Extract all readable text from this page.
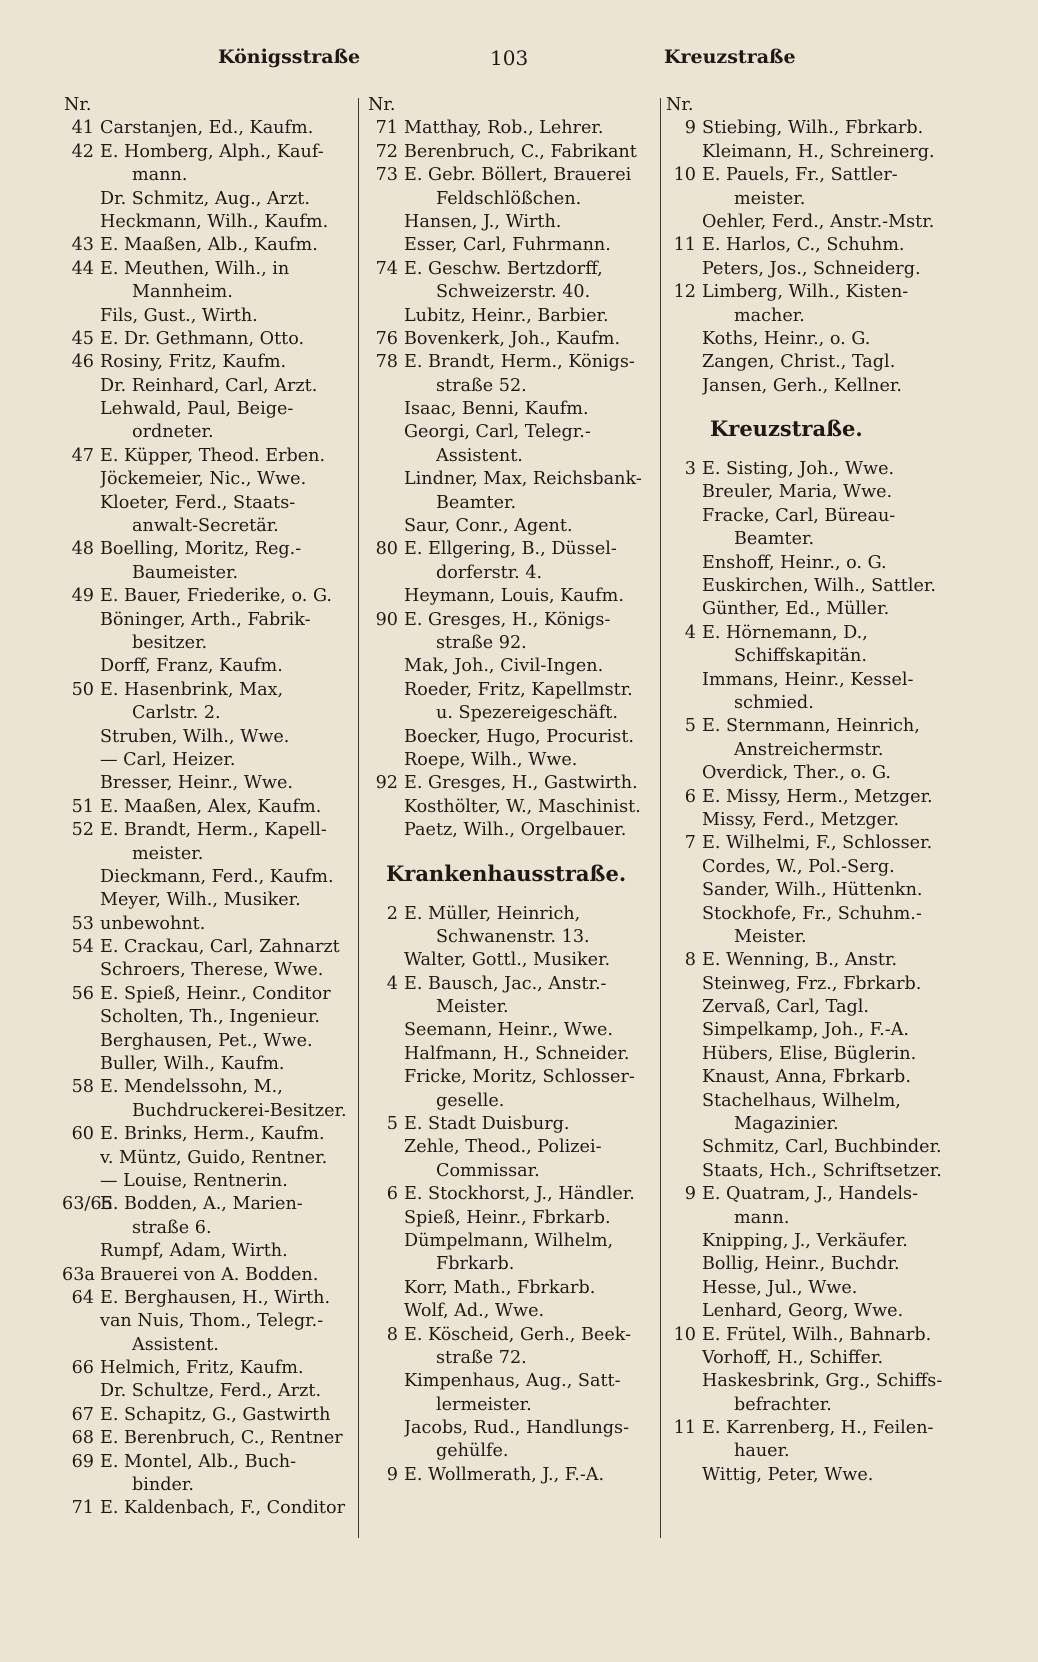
Königsstraße	103	Kreuzstraße
Nr.
41 Carstanjen, Ed., Kaufm.
42 E. Homberg, Alph., Kauf-
mann.
Dr. Schmitz, Aug., Arzt.
Heckmann, Wilh., Kaufm.
43 E. Maaßen, Alb., Kaufm.
44 E. Meuthen, Wilh., in
Mannheim.
Fils, Gust., Wirth.
45 E. Dr. Gethmann, Otto.
46 Rosiny, Fritz, Kaufm.
Dr. Reinhard, Carl, Arzt.
Lehwald, Paul, Beige-
ordneter.
47 E. Küpper, Theod. Erben.
Jöckemeier, Nic., Wwe.
Kloeter, Ferd., Staats-
anwalt-Secretär.
48 Boelling, Moritz, Reg.-
Baumeister.
49 E. Bauer, Friederike, o. G.
Böninger, Arth., Fabrik-
besitzer.
Dorff, Franz, Kaufm.
50 E. Hasenbrink, Max,
Carlstr. 2.
Struben, Wilh., Wwe.
— Carl, Heizer.
Bresser, Heinr., Wwe.
51 E. Maaßen, Alex, Kaufm.
52 E. Brandt, Herm., Kapell-
meister.
Dieckmann, Ferd., Kaufm.
Meyer, Wilh., Musiker.
53 unbewohnt.
54 E. Crackau, Carl, Zahnarzt
Schroers, Therese, Wwe.
56 E. Spieß, Heinr., Conditor
Scholten, Th., Ingenieur.
Berghausen, Pet., Wwe.
Buller, Wilh., Kaufm.
58 E. Mendelssohn, M.,
Buchdruckerei-Besitzer.
60 E. Brinks, Herm., Kaufm.
v. Müntz, Guido, Rentner.
— Louise, Rentnerin.
63/65
E. Bodden, A., Marien-
straße 6.
Rumpf, Adam, Wirth.
63a Brauerei von A. Bodden.
64 E. Berghausen, H., Wirth.
van Nuis, Thom., Telegr.-
Assistent.
66 Helmich, Fritz, Kaufm.
Dr. Schultze, Ferd., Arzt.
67 E. Schapitz, G., Gastwirth
68 E. Berenbruch, C., Rentner
69 E. Montel, Alb., Buch-
binder.
71 E. Kaldenbach, F., Conditor
Nr.
71 Matthay, Rob., Lehrer.
72 Berenbruch, C., Fabrikant
73 E. Gebr. Böllert, Brauerei
Feldschlößchen.
Hansen, J., Wirth.
Esser, Carl, Fuhrmann.
74 E. Geschw. Bertzdorff,
Schweizerstr. 40.
Lubitz, Heinr., Barbier.
76 Bovenkerk, Joh., Kaufm.
78 E. Brandt, Herm., Königs-
straße 52.
Isaac, Benni, Kaufm.
Georgi, Carl, Telegr.-
Assistent.
Lindner, Max, Reichsbank-
Beamter.
Saur, Conr., Agent.
80 E. Ellgering, B., Düssel-
dorferstr. 4.
Heymann, Louis, Kaufm.
90 E. Gresges, H., Königs-
straße 92.
Mak, Joh., Civil-Ingen.
Roeder, Fritz, Kapellmstr.
u. Spezereigeschäft.
Boecker, Hugo, Procurist.
Roepe, Wilh., Wwe.
92 E. Gresges, H., Gastwirth.
Kosthölter, W., Maschinist.
Paetz, Wilh., Orgelbauer.
Krankenhausstraße.
2 E. Müller, Heinrich,
Schwanenstr. 13.
Walter, Gottl., Musiker.
4 E. Bausch, Jac., Anstr.-
Meister.
Seemann, Heinr., Wwe.
Halfmann, H., Schneider.
Fricke, Moritz, Schlosser-
geselle.
5 E. Stadt Duisburg.
Zehle, Theod., Polizei-
Commissar.
6 E. Stockhorst, J., Händler.
Spieß, Heinr., Fbrkarb.
Dümpelmann, Wilhelm,
Fbrkarb.
Korr, Math., Fbrkarb.
Wolf, Ad., Wwe.
8 E. Köscheid, Gerh., Beek-
straße 72.
Kimpenhaus, Aug., Satt-
lermeister.
Jacobs, Rud., Handlungs-
gehülfe.
9 E. Wollmerath, J., F.-A.
Nr.
9 Stiebing, Wilh., Fbrkarb.
Kleimann, H., Schreinerg.
10 E. Pauels, Fr., Sattler-
meister.
Oehler, Ferd., Anstr.-Mstr.
11 E. Harlos, C., Schuhm.
Peters, Jos., Schneiderg.
12 Limberg, Wilh., Kisten-
macher.
Koths, Heinr., o. G.
Zangen, Christ., Tagl.
Jansen, Gerh., Kellner.
Kreuzstraße.
3 E. Sisting, Joh., Wwe.
Breuler, Maria, Wwe.
Fracke, Carl, Büreau-
Beamter.
Enshoff, Heinr., o. G.
Euskirchen, Wilh., Sattler.
Günther, Ed., Müller.
4 E. Hörnemann, D.,
Schiffskapitän.
Immans, Heinr., Kessel-
schmied.
5 E. Sternmann, Heinrich,
Anstreichermstr.
Overdick, Ther., o. G.
6 E. Missy, Herm., Metzger.
Missy, Ferd., Metzger.
7 E. Wilhelmi, F., Schlosser.
Cordes, W., Pol.-Serg.
Sander, Wilh., Hüttenkn.
Stockhofe, Fr., Schuhm.-
Meister.
8 E. Wenning, B., Anstr.
Steinweg, Frz., Fbrkarb.
Zervaß, Carl, Tagl.
Simpelkamp, Joh., F.-A.
Hübers, Elise, Büglerin.
Knaust, Anna, Fbrkarb.
Stachelhaus, Wilhelm,
Magazinier.
Schmitz, Carl, Buchbinder.
Staats, Hch., Schriftsetzer.
9 E. Quatram, J., Handels-
mann.
Knipping, J., Verkäufer.
Bollig, Heinr., Buchdr.
Hesse, Jul., Wwe.
Lenhard, Georg, Wwe.
10 E. Frütel, Wilh., Bahnarb.
Vorhoff, H., Schiffer.
Haskesbrink, Grg., Schiffs-
befrachter.
11 E. Karrenberg, H., Feilen-
hauer.
Wittig, Peter, Wwe.
